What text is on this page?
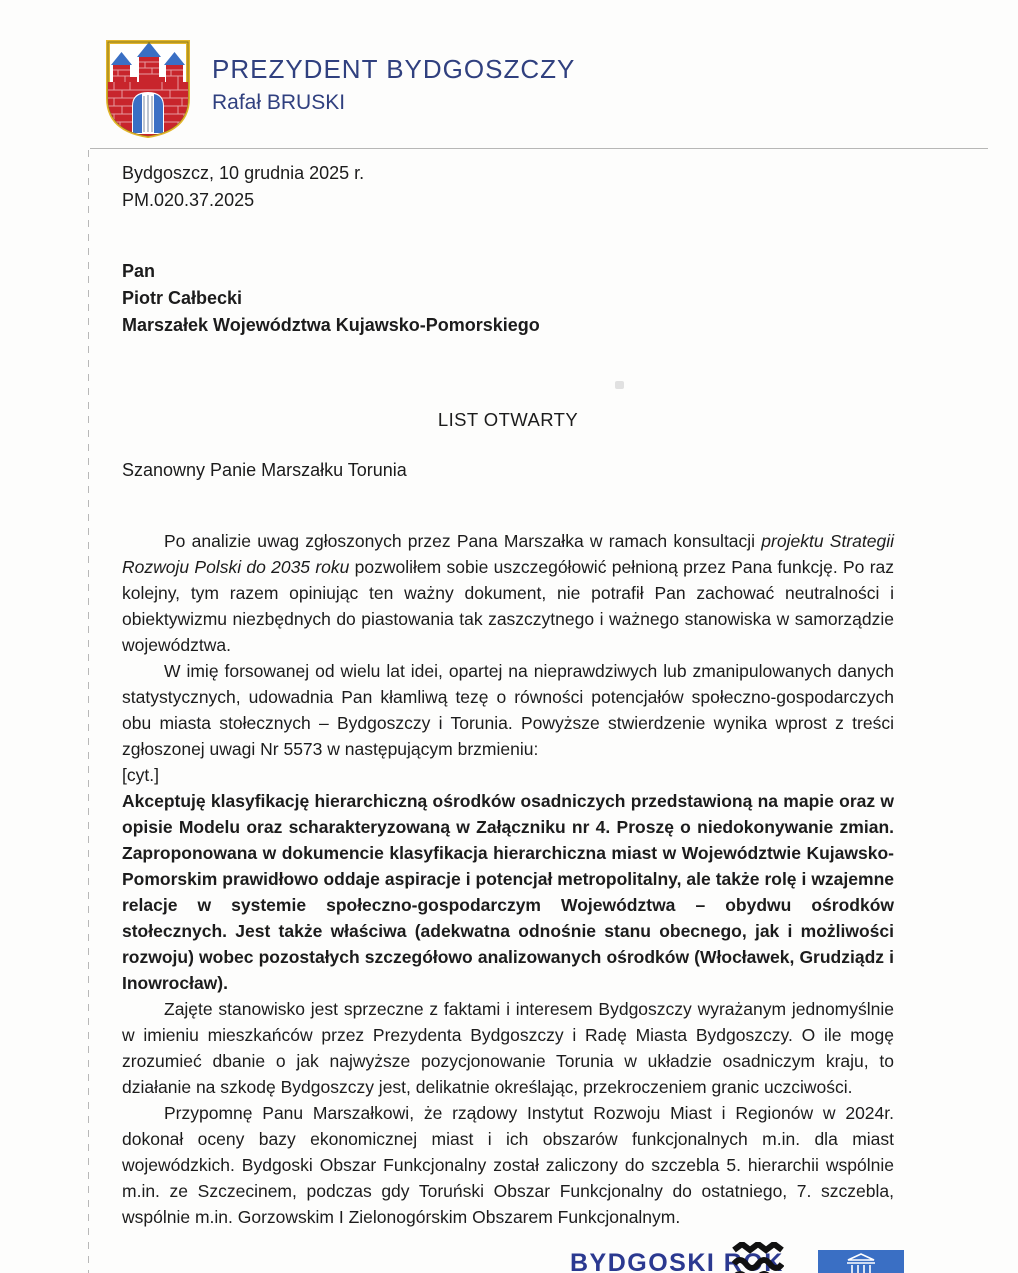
PREZYDENT BYDGOSZCZY
Rafał BRUSKI
Bydgoszcz, 10 grudnia 2025 r.
PM.020.37.2025
Pan
Piotr Całbecki
Marszałek Województwa Kujawsko-Pomorskiego
LIST OTWARTY
Szanowny Panie Marszałku Torunia

Po analizie uwag zgłoszonych przez Pana Marszałka w ramach konsultacji projektu Strategii Rozwoju Polski do 2035 roku pozwoliłem sobie uszczegółowić pełnioną przez Pana funkcję. Po raz kolejny, tym razem opiniując ten ważny dokument, nie potrafił Pan zachować neutralności i obiektywizmu niezbędnych do piastowania tak zaszczytnego i ważnego stanowiska w samorządzie województwa.

W imię forsowanej od wielu lat idei, opartej na nieprawdziwych lub zmanipulowanych danych statystycznych, udowadnia Pan kłamliwą tezę o równości potencjałów społeczno-gospodarczych obu miasta stołecznych – Bydgoszczy i Torunia. Powyższe stwierdzenie wynika wprost z treści zgłoszonej uwagi Nr 5573 w następującym brzmieniu:

[cyt.]

Akceptuję klasyfikację hierarchiczną ośrodków osadniczych przedstawioną na mapie oraz w opisie Modelu oraz scharakteryzowaną w Załączniku nr 4. Proszę o niedokonywanie zmian. Zaproponowana w dokumencie klasyfikacja hierarchiczna miast w Województwie Kujawsko-Pomorskim prawidłowo oddaje aspiracje i potencjał metropolitalny, ale także rolę i wzajemne relacje w systemie społeczno-gospodarczym Województwa – obydwu ośrodków stołecznych. Jest także właściwa (adekwatna odnośnie stanu obecnego, jak i możliwości rozwoju) wobec pozostałych szczegółowo analizowanych ośrodków (Włocławek, Grudziądz i Inowrocław).

Zajęte stanowisko jest sprzeczne z faktami i interesem Bydgoszczy wyrażanym jednomyślnie w imieniu mieszkańców przez Prezydenta Bydgoszczy i Radę Miasta Bydgoszczy. O ile mogę zrozumieć dbanie o jak najwyższe pozycjonowanie Torunia w układzie osadniczym kraju, to działanie na szkodę Bydgoszczy jest, delikatnie określając, przekroczeniem granic uczciwości.

Przypomnę Panu Marszałkowi, że rządowy Instytut Rozwoju Miast i Regionów w 2024r. dokonał oceny bazy ekonomicznej miast i ich obszarów funkcjonalnych m.in. dla miast wojewódzkich. Bydgoski Obszar Funkcjonalny został zaliczony do szczebla 5. hierarchii wspólnie m.in. ze Szczecinem, podczas gdy Toruński Obszar Funkcjonalny do ostatniego, 7. szczebla, wspólnie m.in. Gorzowskim I Zielonogórskim Obszarem Funkcjonalnym.

BYDGOSKI ROK
